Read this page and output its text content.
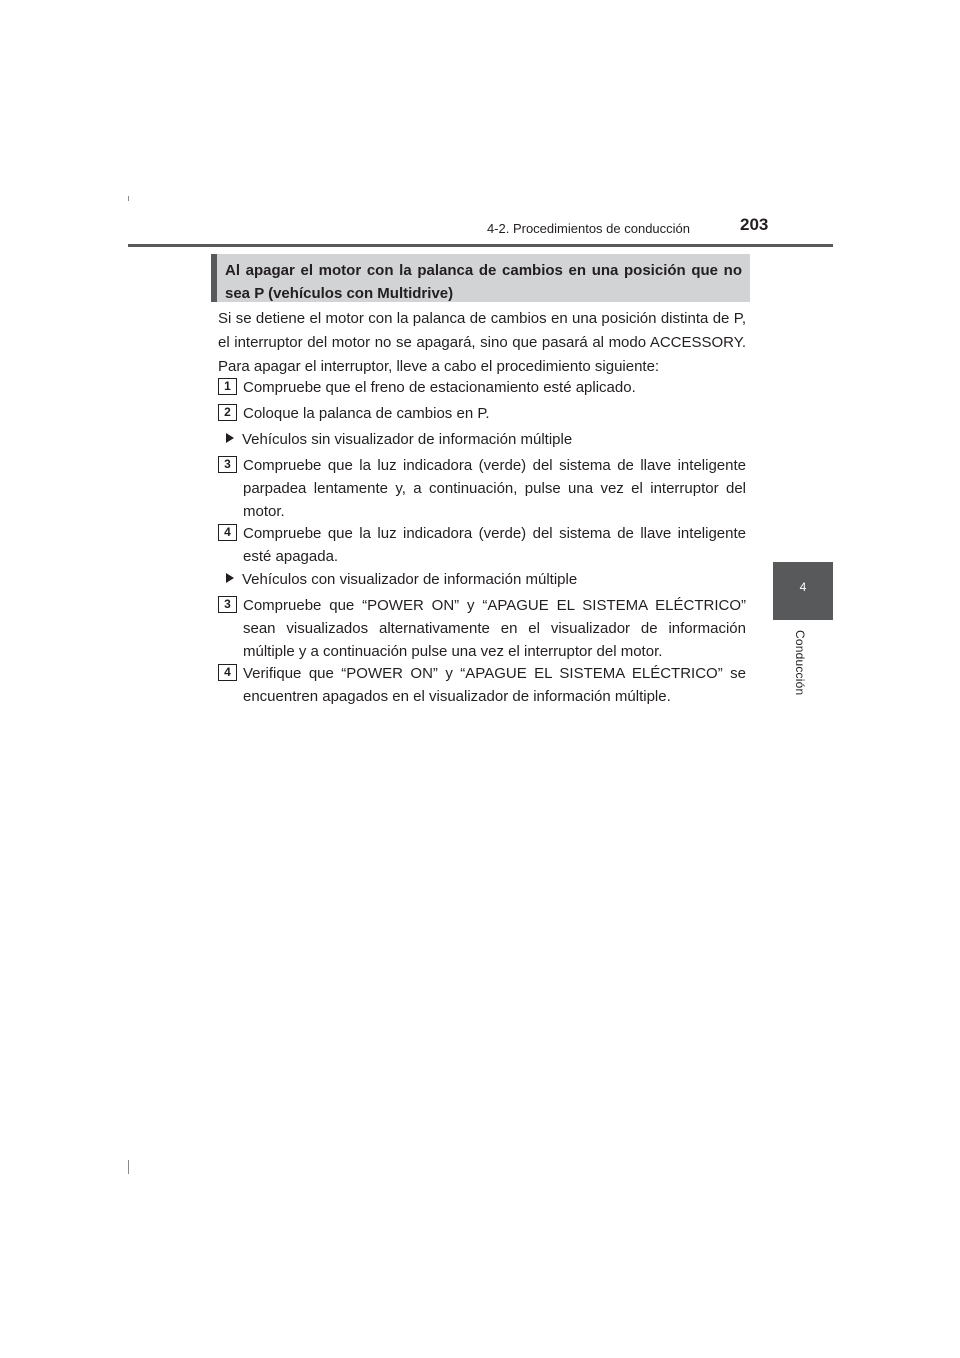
4-2. Procedimientos de conducción	203
4
Conducción
Al apagar el motor con la palanca de cambios en una posición que no sea P (vehículos con Multidrive)
Si se detiene el motor con la palanca de cambios en una posición distinta de P, el interruptor del motor no se apagará, sino que pasará al modo ACCESSORY. Para apagar el interruptor, lleve a cabo el procedimiento siguiente:
1 Compruebe que el freno de estacionamiento esté aplicado.
2 Coloque la palanca de cambios en P.
Vehículos sin visualizador de información múltiple
3 Compruebe que la luz indicadora (verde) del sistema de llave inteligente parpadea lentamente y, a continuación, pulse una vez el interruptor del motor.
4 Compruebe que la luz indicadora (verde) del sistema de llave inteligente esté apagada.
Vehículos con visualizador de información múltiple
3 Compruebe que “POWER ON” y “APAGUE EL SISTEMA ELÉCTRICO” sean visualizados alternativamente en el visualizador de información múltiple y a continuación pulse una vez el interruptor del motor.
4 Verifique que “POWER ON” y “APAGUE EL SISTEMA ELÉCTRICO” se encuentren apagados en el visualizador de información múltiple.
